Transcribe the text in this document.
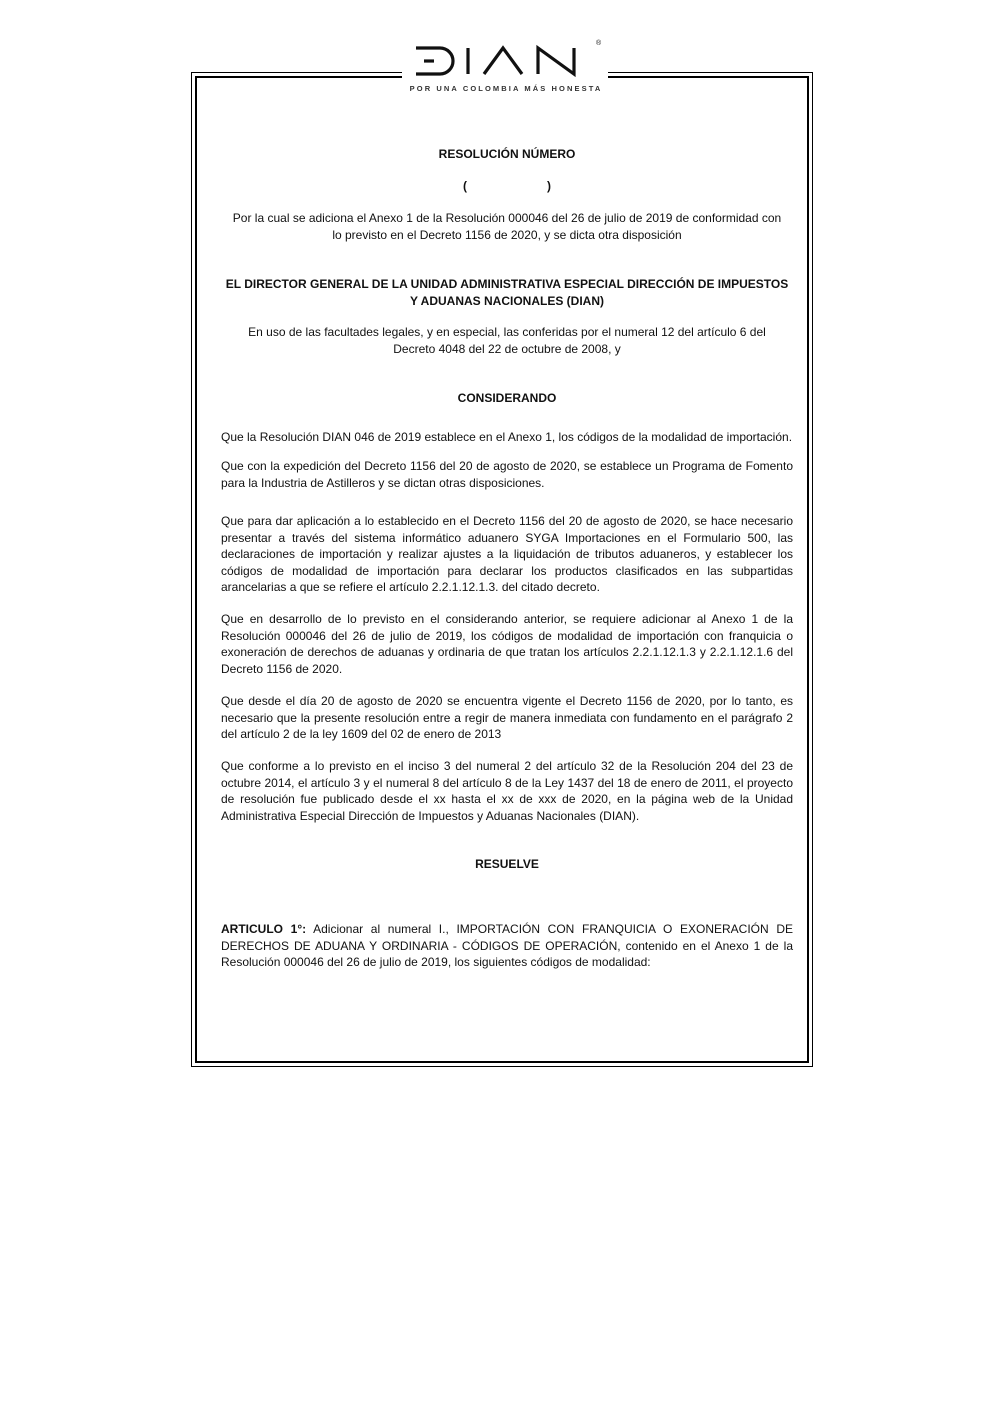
®
POR UNA COLOMBIA MÁS HONESTA
RESOLUCIÓN NÚMERO
(                        )

Por la cual se adiciona el Anexo 1 de la Resolución 000046 del 26 de julio de 2019 de conformidad con lo previsto en el Decreto 1156 de 2020, y se dicta otra disposición

EL DIRECTOR GENERAL DE LA UNIDAD ADMINISTRATIVA ESPECIAL DIRECCIÓN DE IMPUESTOS Y ADUANAS NACIONALES (DIAN)

En uso de las facultades legales, y en especial, las conferidas por el numeral 12 del artículo 6 del Decreto 4048 del 22 de octubre de 2008, y

CONSIDERANDO

Que la Resolución DIAN 046 de 2019 establece en el Anexo 1, los códigos de la modalidad de importación.

Que con la expedición del Decreto 1156 del 20 de agosto de 2020, se establece un Programa de Fomento para la Industria de Astilleros y se dictan otras disposiciones.

Que para dar aplicación a lo establecido en el Decreto 1156 del 20 de agosto de 2020, se hace necesario presentar a través del sistema informático aduanero SYGA Importaciones en el Formulario 500, las declaraciones de importación y realizar ajustes a la liquidación de tributos aduaneros, y establecer los códigos de modalidad de importación para declarar los productos clasificados en las subpartidas arancelarias a que se refiere el artículo 2.2.1.12.1.3. del citado decreto.

Que en desarrollo de lo previsto en el considerando anterior, se requiere adicionar al Anexo 1 de la Resolución 000046 del 26 de julio de 2019, los códigos de modalidad de importación con franquicia o exoneración de derechos de aduanas y ordinaria de que tratan los artículos 2.2.1.12.1.3 y 2.2.1.12.1.6 del Decreto 1156 de 2020.

Que desde el día 20 de agosto de 2020 se encuentra vigente el Decreto 1156 de 2020, por lo tanto, es necesario que la presente resolución entre a regir de manera inmediata con fundamento en el parágrafo 2 del artículo 2 de la ley 1609 del 02 de enero de 2013

Que conforme a lo previsto en el inciso 3 del numeral 2 del artículo 32 de la Resolución 204 del 23 de octubre 2014, el artículo 3 y el numeral 8 del artículo 8 de la Ley 1437 del 18 de enero de 2011, el proyecto de resolución fue publicado desde el xx hasta el xx de xxx de 2020, en la página web de la Unidad Administrativa Especial Dirección de Impuestos y Aduanas Nacionales (DIAN).

RESUELVE

ARTICULO 1°: Adicionar al numeral I., IMPORTACIÓN CON FRANQUICIA O EXONERACIÓN DE DERECHOS DE ADUANA Y ORDINARIA - CÓDIGOS DE OPERACIÓN, contenido en el Anexo 1 de la Resolución 000046 del 26 de julio de 2019, los siguientes códigos de modalidad:
